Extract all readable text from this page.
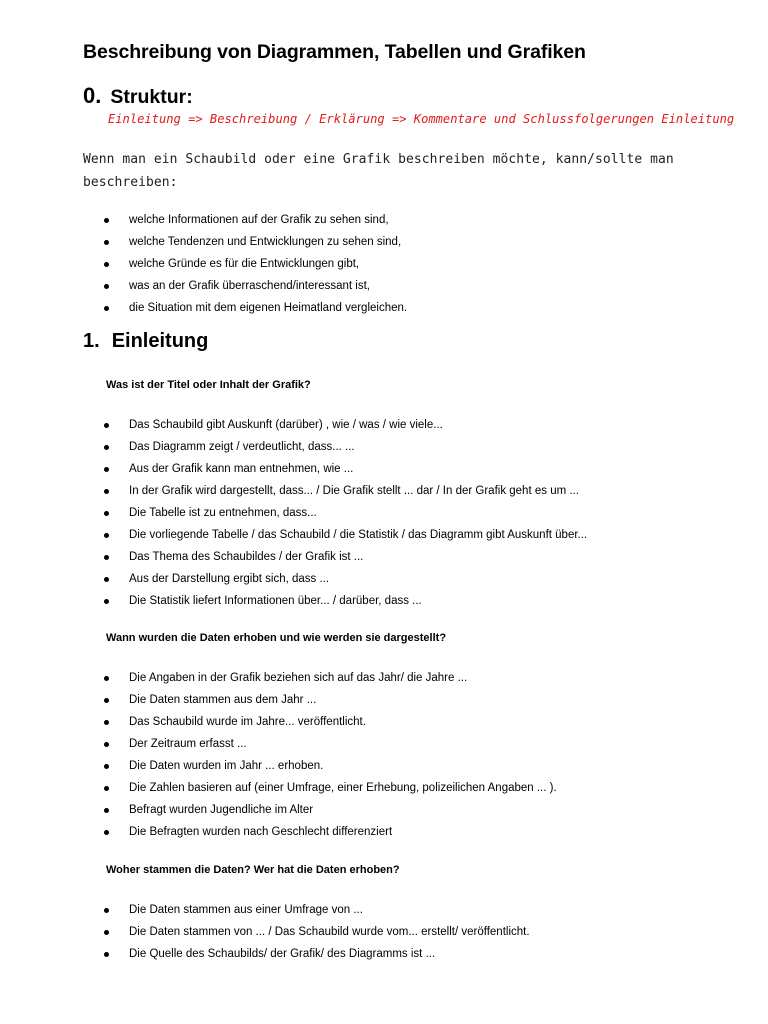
Beschreibung von Diagrammen, Tabellen und Grafiken
0. Struktur:
Einleitung => Beschreibung / Erklärung => Kommentare und Schlussfolgerungen Einleitung
Wenn man ein Schaubild oder eine Grafik beschreiben möchte, kann/sollte man beschreiben:
welche Informationen auf der Grafik zu sehen sind,
welche Tendenzen und Entwicklungen zu sehen sind,
welche Gründe es für die Entwicklungen gibt,
was an der Grafik überraschend/interessant ist,
die Situation mit dem eigenen Heimatland vergleichen.
1. Einleitung
Was ist der Titel oder Inhalt der Grafik?
Das Schaubild gibt Auskunft (darüber) , wie / was / wie viele...
Das Diagramm zeigt / verdeutlicht, dass... ...
Aus der Grafik kann man entnehmen, wie ...
In der Grafik wird dargestellt, dass... / Die Grafik stellt ... dar / In der Grafik geht es um ...
Die Tabelle ist zu entnehmen, dass...
Die vorliegende Tabelle / das Schaubild / die Statistik / das Diagramm gibt Auskunft über...
Das Thema des Schaubildes / der Grafik ist ...
Aus der Darstellung ergibt sich, dass ...
Die Statistik liefert Informationen über... / darüber, dass ...
Wann wurden die Daten erhoben und wie werden sie dargestellt?
Die Angaben in der Grafik beziehen sich auf das Jahr/ die Jahre ...
Die Daten stammen aus dem Jahr ...
Das Schaubild wurde im Jahre... veröffentlicht.
Der Zeitraum erfasst ...
Die Daten wurden im Jahr ... erhoben.
Die Zahlen basieren auf (einer Umfrage, einer Erhebung, polizeilichen Angaben ... ).
Befragt wurden Jugendliche im Alter
Die Befragten wurden nach Geschlecht differenziert
Woher stammen die Daten? Wer hat die Daten erhoben?
Die Daten stammen aus einer Umfrage von ...
Die Daten stammen von ... / Das Schaubild wurde vom... erstellt/ veröffentlicht.
Die Quelle des Schaubilds/ der Grafik/ des Diagramms ist ...
